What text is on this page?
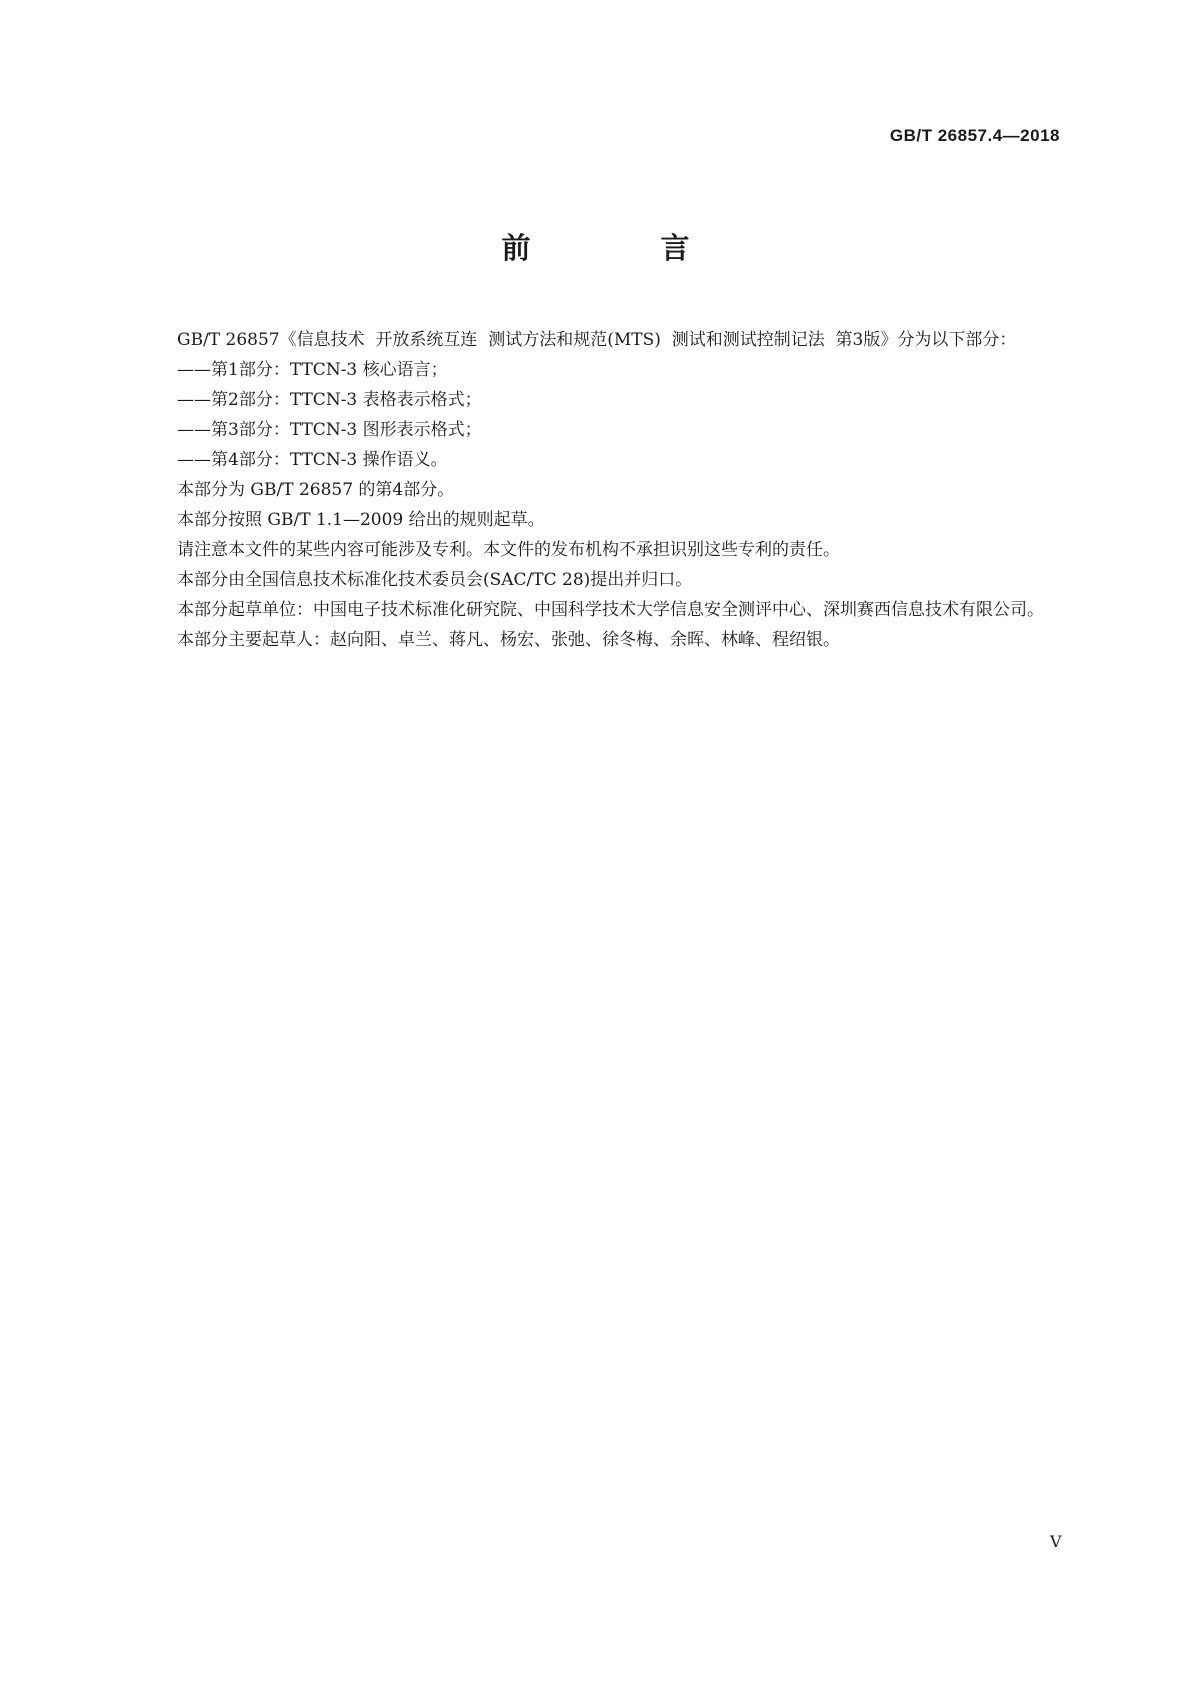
GB/T 26857.4—2018
前 言

GB/T 26857《信息技术  开放系统互连  测试方法和规范(MTS)  测试和测试控制记法  第3版》分为以下部分：

——第1部分：TTCN-3 核心语言；

——第2部分：TTCN-3 表格表示格式；

——第3部分：TTCN-3 图形表示格式；

——第4部分：TTCN-3 操作语义。

本部分为 GB/T 26857 的第4部分。

本部分按照 GB/T 1.1—2009 给出的规则起草。

请注意本文件的某些内容可能涉及专利。本文件的发布机构不承担识别这些专利的责任。

本部分由全国信息技术标准化技术委员会(SAC/TC 28)提出并归口。

本部分起草单位：中国电子技术标准化研究院、中国科学技术大学信息安全测评中心、深圳赛西信息技术有限公司。

本部分主要起草人：赵向阳、卓兰、蒋凡、杨宏、张弛、徐冬梅、余晖、林峰、程绍银。

V
